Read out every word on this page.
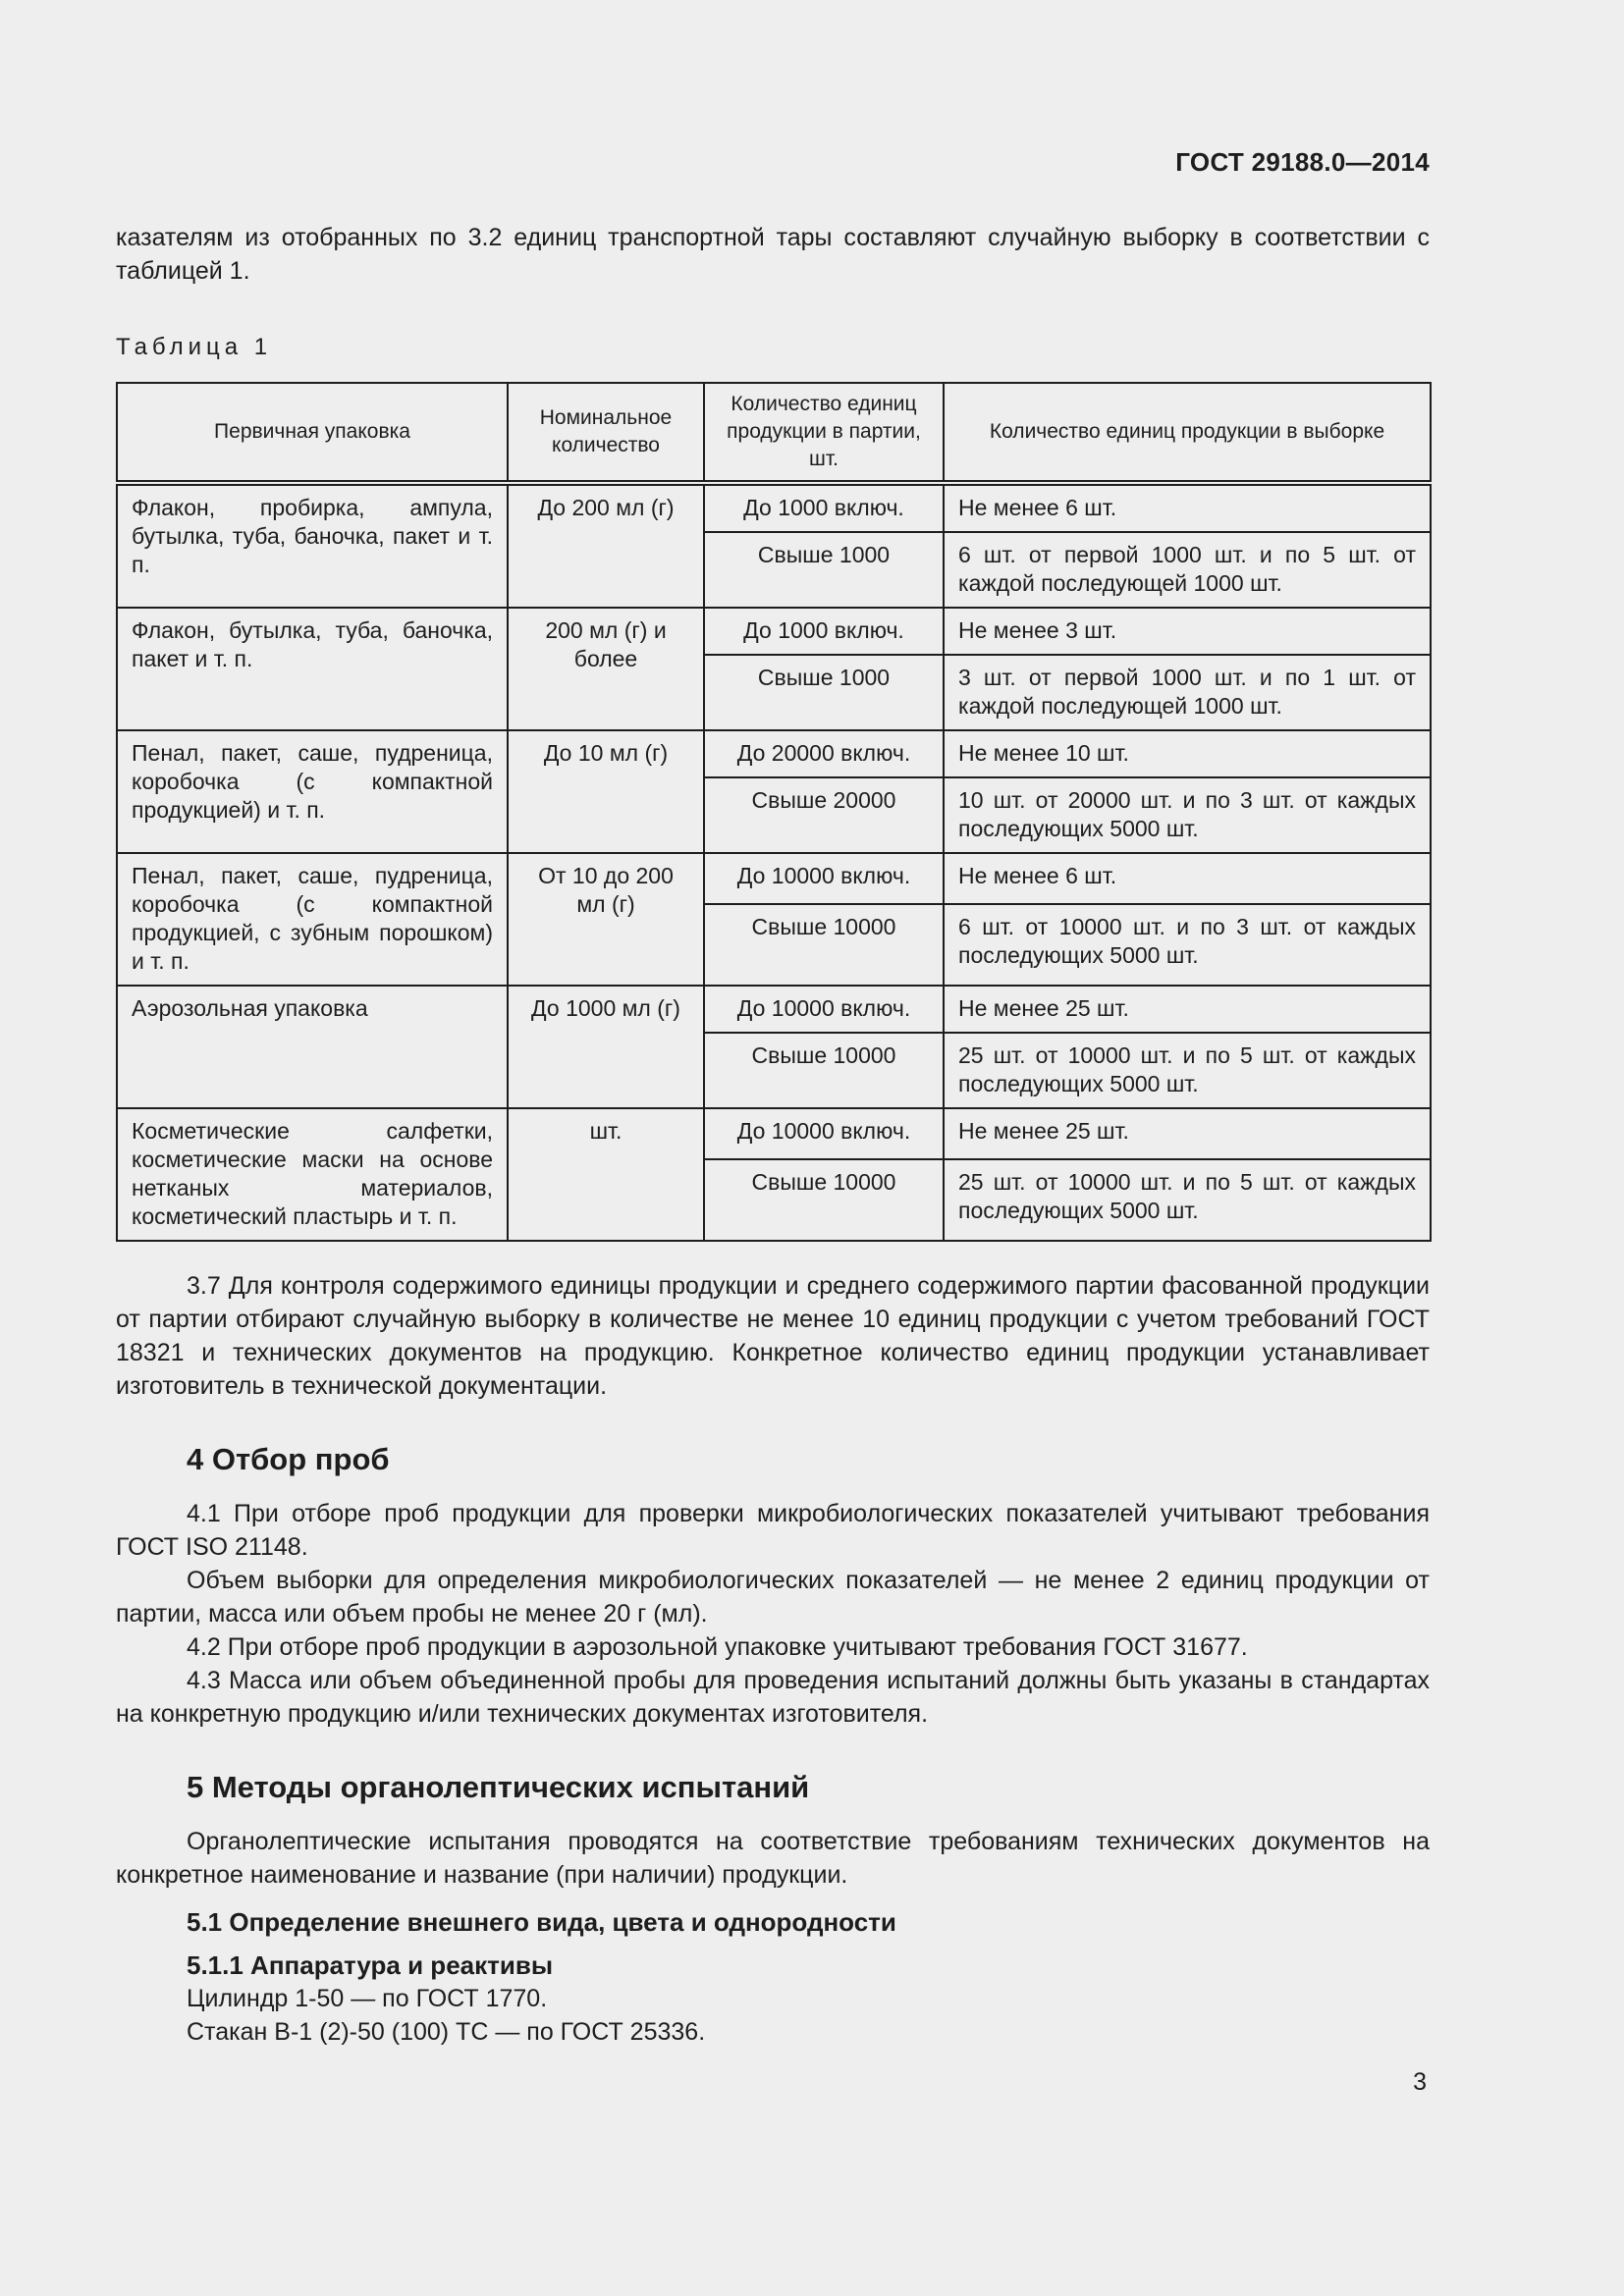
ГОСТ 29188.0—2014

казателям из отобранных по 3.2 единиц транспортной тары составляют случайную выборку в соответствии с таблицей 1.

Таблица 1
Первичная упаковка	Номинальное количество	Количество единиц продукции в партии, шт.	Количество единиц продукции в выборке
Флакон, пробирка, ампула, бутылка, туба, баночка, пакет и т. п.	До 200 мл (г)	До 1000 включ.	Не менее 6 шт.
		Свыше 1000	6 шт. от первой 1000 шт. и по 5 шт. от каждой последующей 1000 шт.
Флакон, бутылка, туба, баночка, пакет и т. п.	200 мл (г) и более	До 1000 включ.	Не менее 3 шт.
		Свыше 1000	3 шт. от первой 1000 шт. и по 1 шт. от каждой последующей 1000 шт.
Пенал, пакет, саше, пудреница, коробочка (с компактной продукцией) и т. п.	До 10 мл (г)	До 20000 включ.	Не менее 10 шт.
		Свыше 20000	10 шт. от 20000 шт. и по 3 шт. от каждых последующих 5000 шт.
Пенал, пакет, саше, пудреница, коробочка (с компактной продукцией, с зубным порошком) и т. п.	От 10 до 200 мл (г)	До 10000 включ.	Не менее 6 шт.
		Свыше 10000	6 шт. от 10000 шт. и по 3 шт. от каждых последующих 5000 шт.
Аэрозольная упаковка	До 1000 мл (г)	До 10000 включ.	Не менее 25 шт.
		Свыше 10000	25 шт. от 10000 шт. и по 5 шт. от каждых последующих 5000 шт.
Косметические салфетки, косметические маски на основе нетканых материалов, косметический пластырь и т. п.	шт.	До 10000 включ.	Не менее 25 шт.
		Свыше 10000	25 шт. от 10000 шт. и по 5 шт. от каждых последующих 5000 шт.

3.7 Для контроля содержимого единицы продукции и среднего содержимого партии фасованной продукции от партии отбирают случайную выборку в количестве не менее 10 единиц продукции с учетом требований ГОСТ 18321 и технических документов на продукцию. Конкретное количество единиц продукции устанавливает изготовитель в технической документации.

4 Отбор проб

4.1 При отборе проб продукции для проверки микробиологических показателей учитывают требования ГОСТ ISO 21148.

Объем выборки для определения микробиологических показателей — не менее 2 единиц продукции от партии, масса или объем пробы не менее 20 г (мл).

4.2 При отборе проб продукции в аэрозольной упаковке учитывают требования ГОСТ 31677.

4.3 Масса или объем объединенной пробы для проведения испытаний должны быть указаны в стандартах на конкретную продукцию и/или технических документах изготовителя.

5 Методы органолептических испытаний

Органолептические испытания проводятся на соответствие требованиям технических документов на конкретное наименование и название (при наличии) продукции.

5.1 Определение внешнего вида, цвета и однородности
5.1.1 Аппаратура и реактивы
Цилиндр 1-50 — по ГОСТ 1770.
Стакан В-1 (2)-50 (100) ТС — по ГОСТ 25336.
3
